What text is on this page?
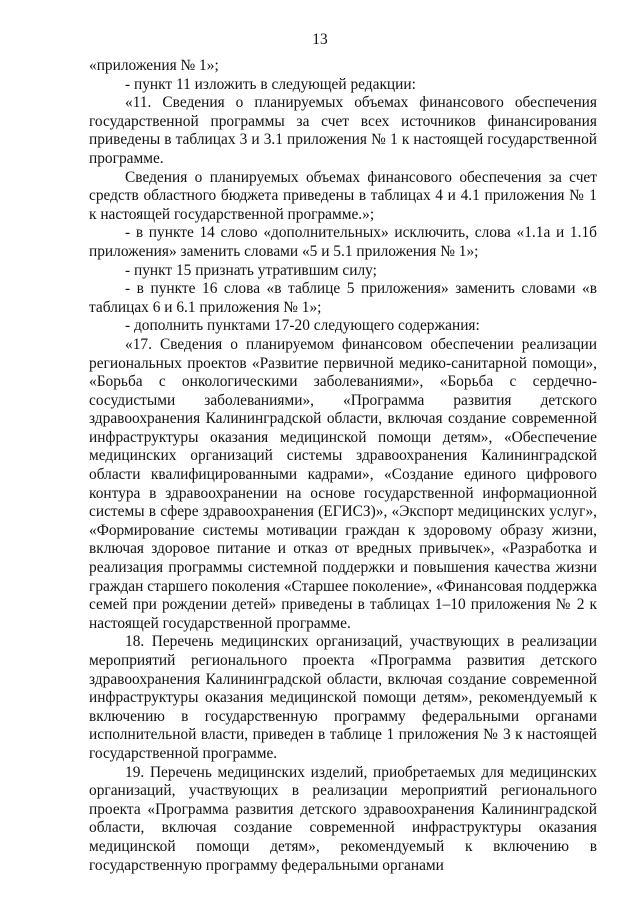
13

«приложения № 1»;

- пункт 11 изложить в следующей редакции:

«11. Сведения о планируемых объемах финансового обеспечения государственной программы за счет всех источников финансирования приведены в таблицах 3 и 3.1 приложения № 1 к настоящей государственной программе.

Сведения о планируемых объемах финансового обеспечения за счет средств областного бюджета приведены в таблицах 4 и 4.1 приложения № 1 к настоящей государственной программе.»;

- в пункте 14 слово «дополнительных» исключить, слова «1.1а и 1.1б приложения» заменить словами «5 и 5.1 приложения № 1»;

- пункт 15 признать утратившим силу;

- в пункте 16 слова «в таблице 5 приложения» заменить словами «в таблицах 6 и 6.1 приложения № 1»;

- дополнить пунктами 17-20 следующего содержания:

«17. Сведения о планируемом финансовом обеспечении реализации региональных проектов «Развитие первичной медико-санитарной помощи», «Борьба с онкологическими заболеваниями», «Борьба с сердечно-сосудистыми заболеваниями», «Программа развития детского здравоохранения Калининградской области, включая создание современной инфраструктуры оказания медицинской помощи детям», «Обеспечение медицинских организаций системы здравоохранения Калининградской области квалифицированными кадрами», «Создание единого цифрового контура в здравоохранении на основе государственной информационной системы в сфере здравоохранения (ЕГИСЗ)», «Экспорт медицинских услуг», «Формирование системы мотивации граждан к здоровому образу жизни, включая здоровое питание и отказ от вредных привычек», «Разработка и реализация программы системной поддержки и повышения качества жизни граждан старшего поколения «Старшее поколение», «Финансовая поддержка семей при рождении детей» приведены в таблицах 1–10 приложения № 2 к настоящей государственной программе.

18. Перечень медицинских организаций, участвующих в реализации мероприятий регионального проекта «Программа развития детского здравоохранения Калининградской области, включая создание современной инфраструктуры оказания медицинской помощи детям», рекомендуемый к включению в государственную программу федеральными органами исполнительной власти, приведен в таблице 1 приложения № 3 к настоящей государственной программе.

19. Перечень медицинских изделий, приобретаемых для медицинских организаций, участвующих в реализации мероприятий регионального проекта «Программа развития детского здравоохранения Калининградской области, включая создание современной инфраструктуры оказания медицинской помощи детям», рекомендуемый к включению в государственную программу федеральными органами
